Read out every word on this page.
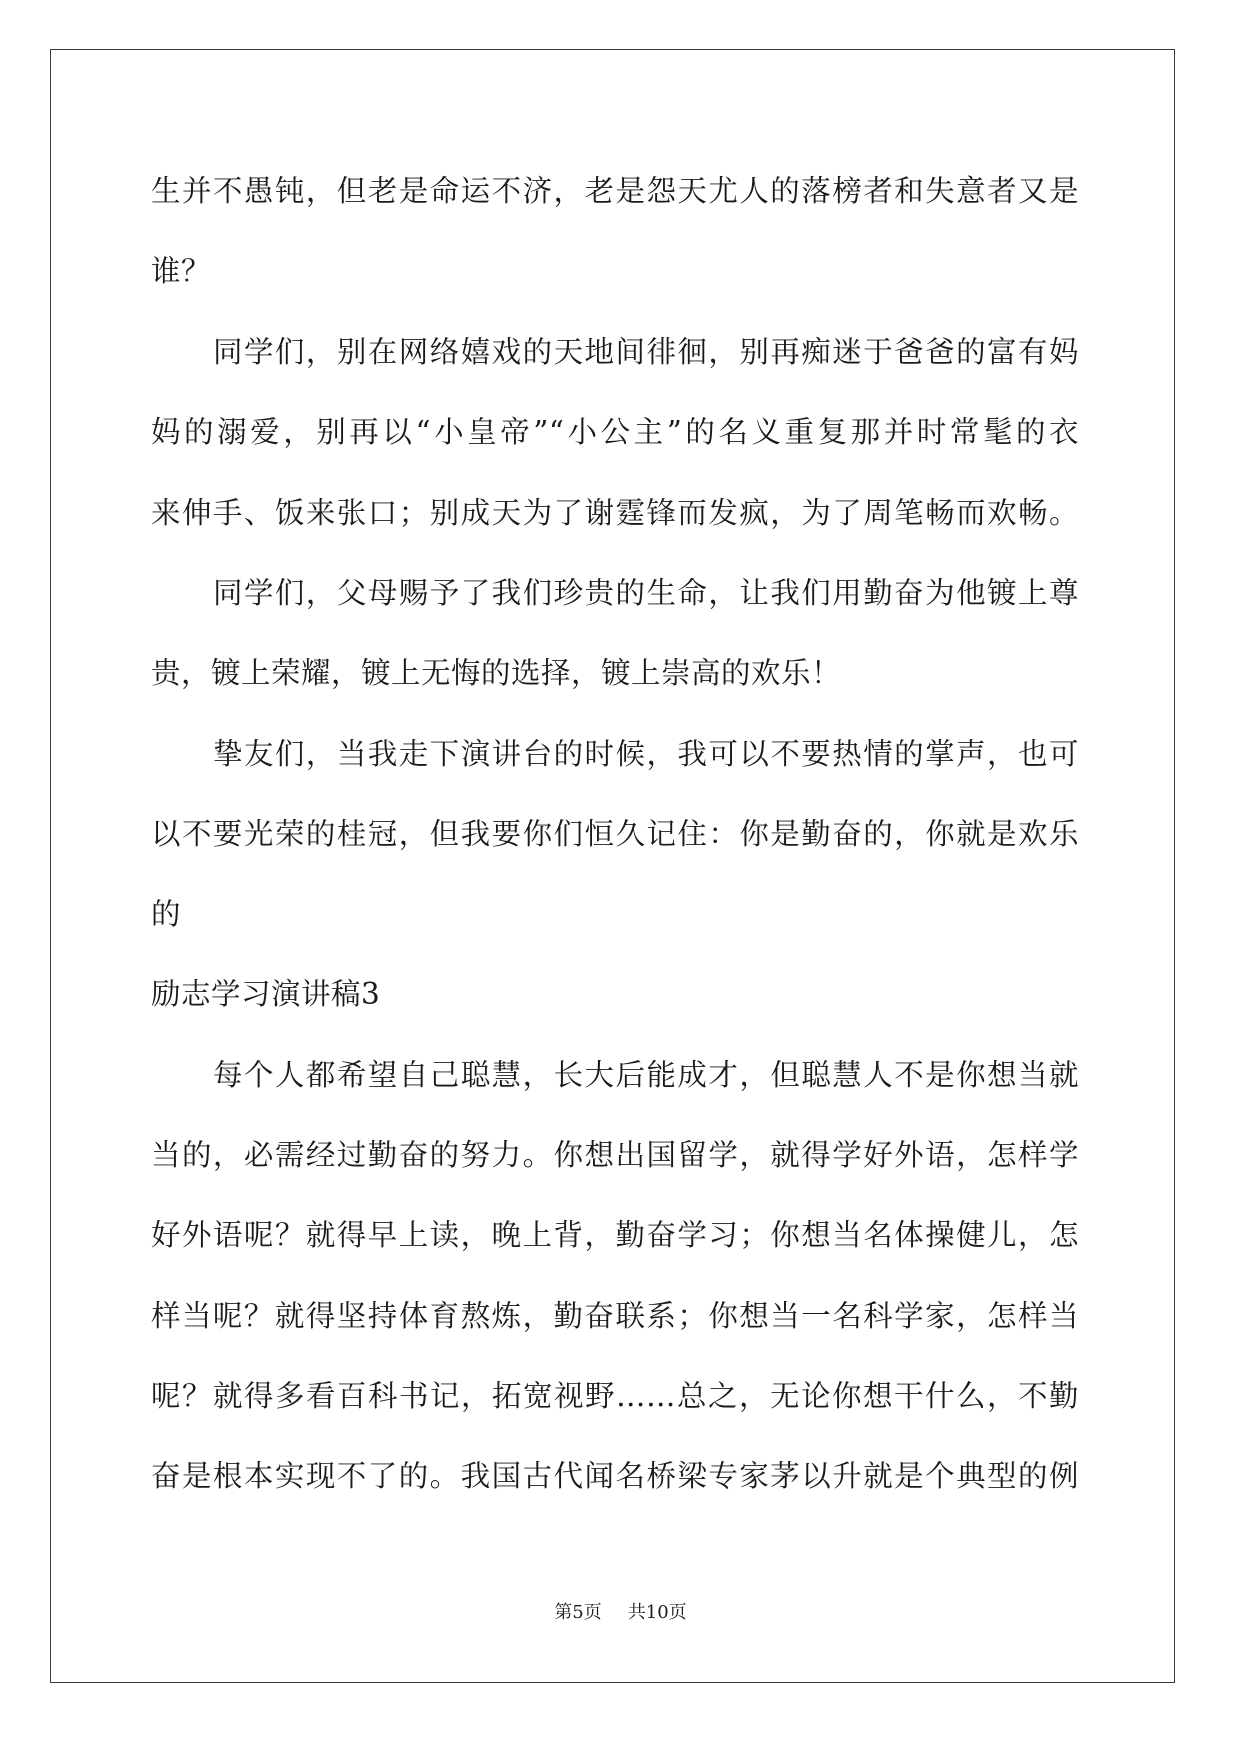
生并不愚钝，但老是命运不济，老是怨天尤人的落榜者和失意者又是
谁？
同学们，别在网络嬉戏的天地间徘徊，别再痴迷于爸爸的富有妈
妈的溺爱，别再以“小皇帝”“小公主”的名义重复那并时常髦的衣
来伸手、饭来张口；别成天为了谢霆锋而发疯，为了周笔畅而欢畅。
同学们，父母赐予了我们珍贵的生命，让我们用勤奋为他镀上尊
贵，镀上荣耀，镀上无悔的选择，镀上崇高的欢乐！
挚友们，当我走下演讲台的时候，我可以不要热情的掌声，也可
以不要光荣的桂冠，但我要你们恒久记住：你是勤奋的，你就是欢乐
的
励志学习演讲稿3
每个人都希望自己聪慧，长大后能成才，但聪慧人不是你想当就
当的，必需经过勤奋的努力。你想出国留学，就得学好外语，怎样学
好外语呢？就得早上读，晚上背，勤奋学习；你想当名体操健儿，怎
样当呢？就得坚持体育熬炼，勤奋联系；你想当一名科学家，怎样当
呢？就得多看百科书记，拓宽视野……总之，无论你想干什么，不勤
奋是根本实现不了的。我国古代闻名桥梁专家茅以升就是个典型的例
第5页 共10页
